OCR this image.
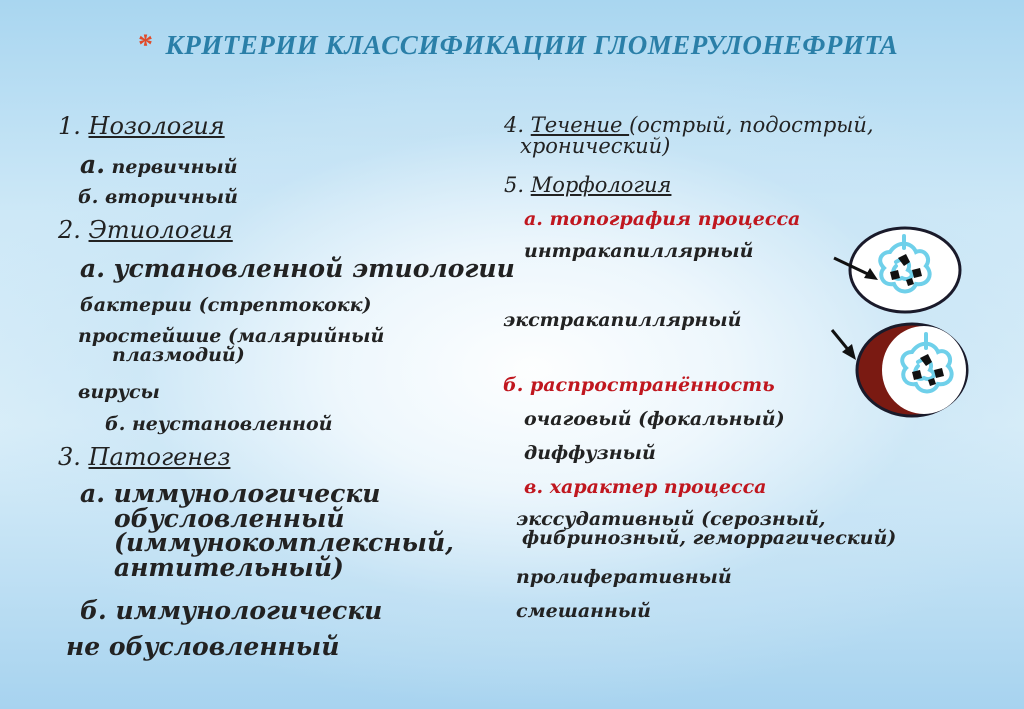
* КРИТЕРИИ КЛАССИФИКАЦИИ ГЛОМЕРУЛОНЕФРИТА
1. Нозология
а. первичный
б. вторичный
2. Этиология
а. установленной этиологии
бактерии (стрептококк)
простейшие (малярийный
плазмодий)
вирусы
б. неустановленной
3. Патогенез
а. иммунологически
обусловленный
(иммунокомплексный,
антительный)
б. иммунологически
не обусловленный
4. Течение (острый, подострый,
хронический)
5. Морфология
а. топография процесса
интракапиллярный
экстракапиллярный
б. распространённость
очаговый (фокальный)
диффузный
в. характер процесса
экссудативный (серозный,
фибринозный, геморрагический)
пролиферативный
смешанный
